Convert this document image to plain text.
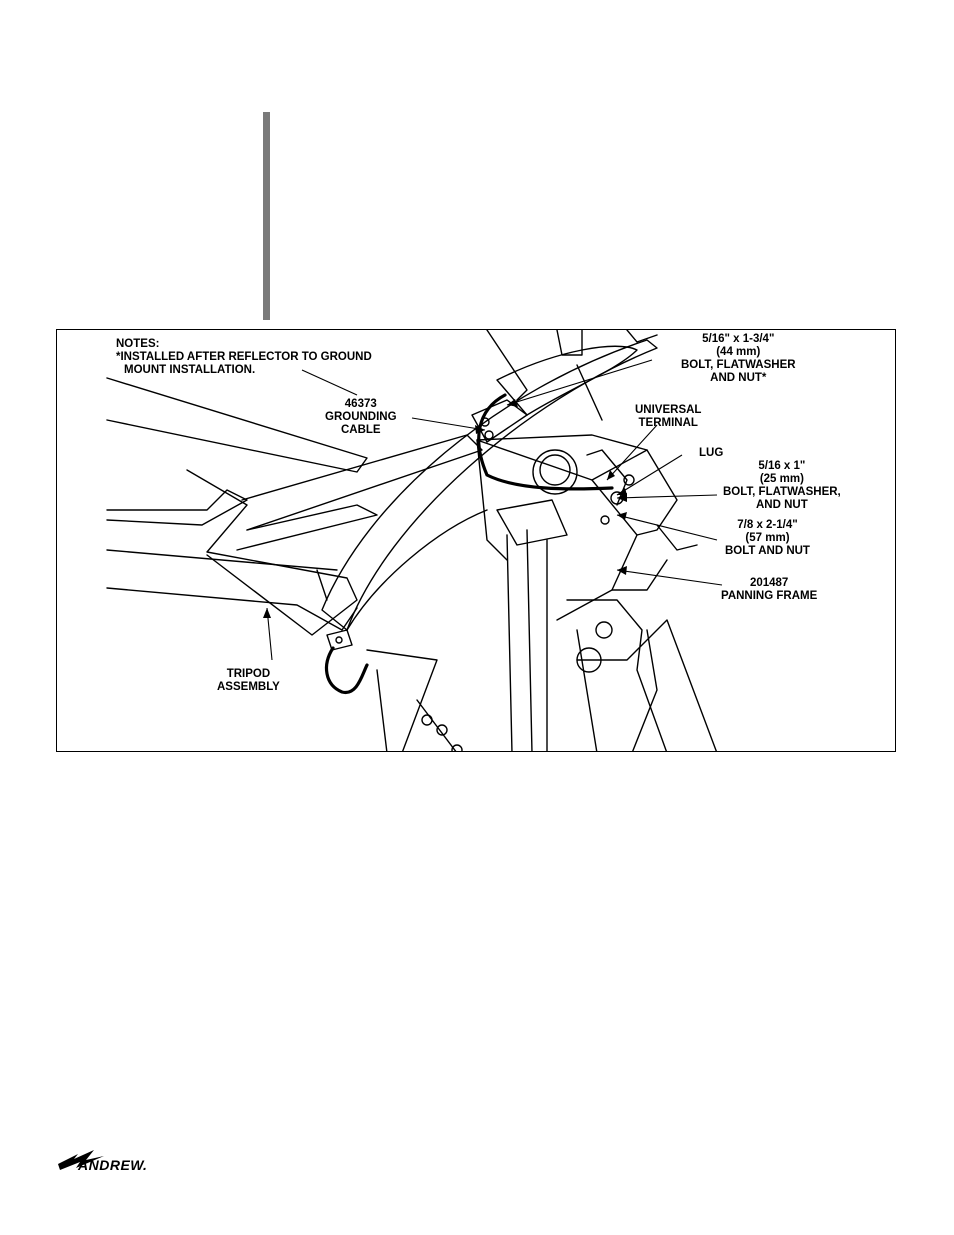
NOTES:
*INSTALLED AFTER REFLECTOR TO GROUND
MOUNT INSTALLATION.
5/16" x 1-3/4"
(44 mm)
BOLT, FLATWASHER
AND NUT*
46373
GROUNDING
CABLE
UNIVERSAL
TERMINAL
LUG
5/16 x 1"
(25 mm)
BOLT, FLATWASHER,
AND NUT
7/8 x 2-1/4"
(57 mm)
BOLT AND NUT
201487
PANNING FRAME
TRIPOD
ASSEMBLY
ANDREW.
